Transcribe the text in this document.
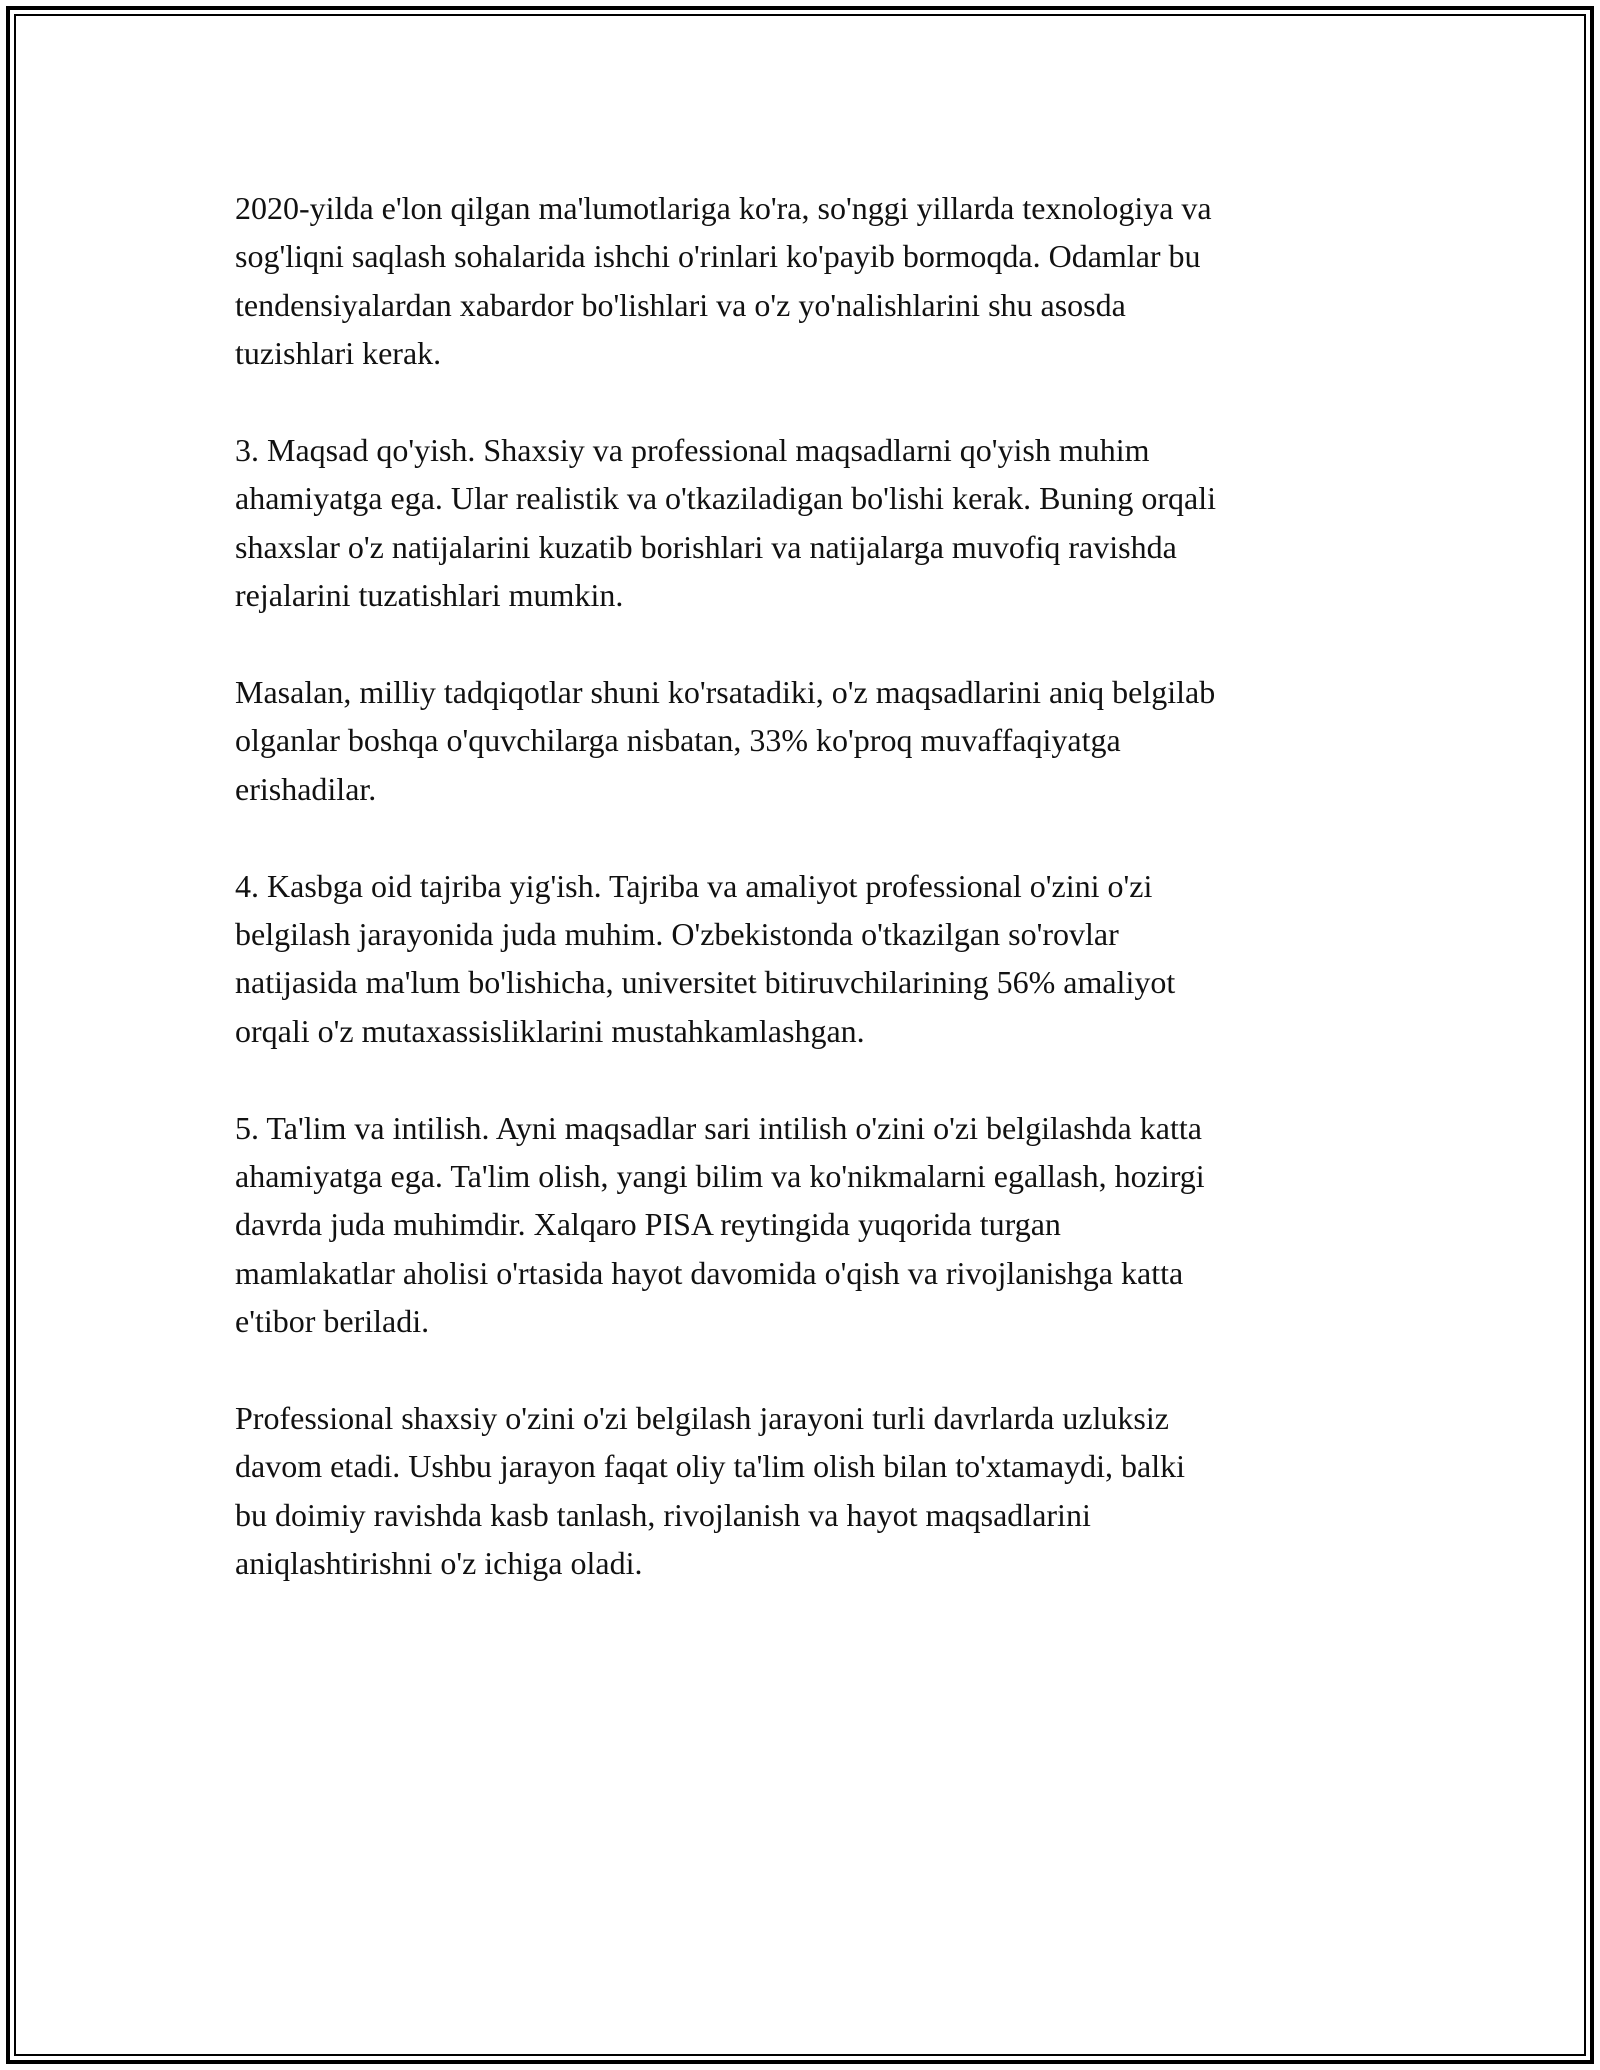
2020-yilda e'lon qilgan ma'lumotlariga ko'ra, so'nggi yillarda texnologiya va
sog'liqni saqlash sohalarida ishchi o'rinlari ko'payib bormoqda. Odamlar bu
tendensiyalardan xabardor bo'lishlari va o'z yo'nalishlarini shu asosda
tuzishlari kerak.

3. Maqsad qo'yish. Shaxsiy va professional maqsadlarni qo'yish muhim
ahamiyatga ega. Ular realistik va o'tkaziladigan bo'lishi kerak. Buning orqali
shaxslar o'z natijalarini kuzatib borishlari va natijalarga muvofiq ravishda
rejalarini tuzatishlari mumkin.

Masalan, milliy tadqiqotlar shuni ko'rsatadiki, o'z maqsadlarini aniq belgilab
olganlar boshqa o'quvchilarga nisbatan, 33% ko'proq muvaffaqiyatga
erishadilar.

4. Kasbga oid tajriba yig'ish. Tajriba va amaliyot professional o'zini o'zi
belgilash jarayonida juda muhim. O'zbekistonda o'tkazilgan so'rovlar
natijasida ma'lum bo'lishicha, universitet bitiruvchilarining 56% amaliyot
orqali o'z mutaxassisliklarini mustahkamlashgan.

5. Ta'lim va intilish. Ayni maqsadlar sari intilish o'zini o'zi belgilashda katta
ahamiyatga ega. Ta'lim olish, yangi bilim va ko'nikmalarni egallash, hozirgi
davrda juda muhimdir. Xalqaro PISA reytingida yuqorida turgan
mamlakatlar aholisi o'rtasida hayot davomida o'qish va rivojlanishga katta
e'tibor beriladi.

Professional shaxsiy o'zini o'zi belgilash jarayoni turli davrlarda uzluksiz
davom etadi. Ushbu jarayon faqat oliy ta'lim olish bilan to'xtamaydi, balki
bu doimiy ravishda kasb tanlash, rivojlanish va hayot maqsadlarini
aniqlashtirishni o'z ichiga oladi.
